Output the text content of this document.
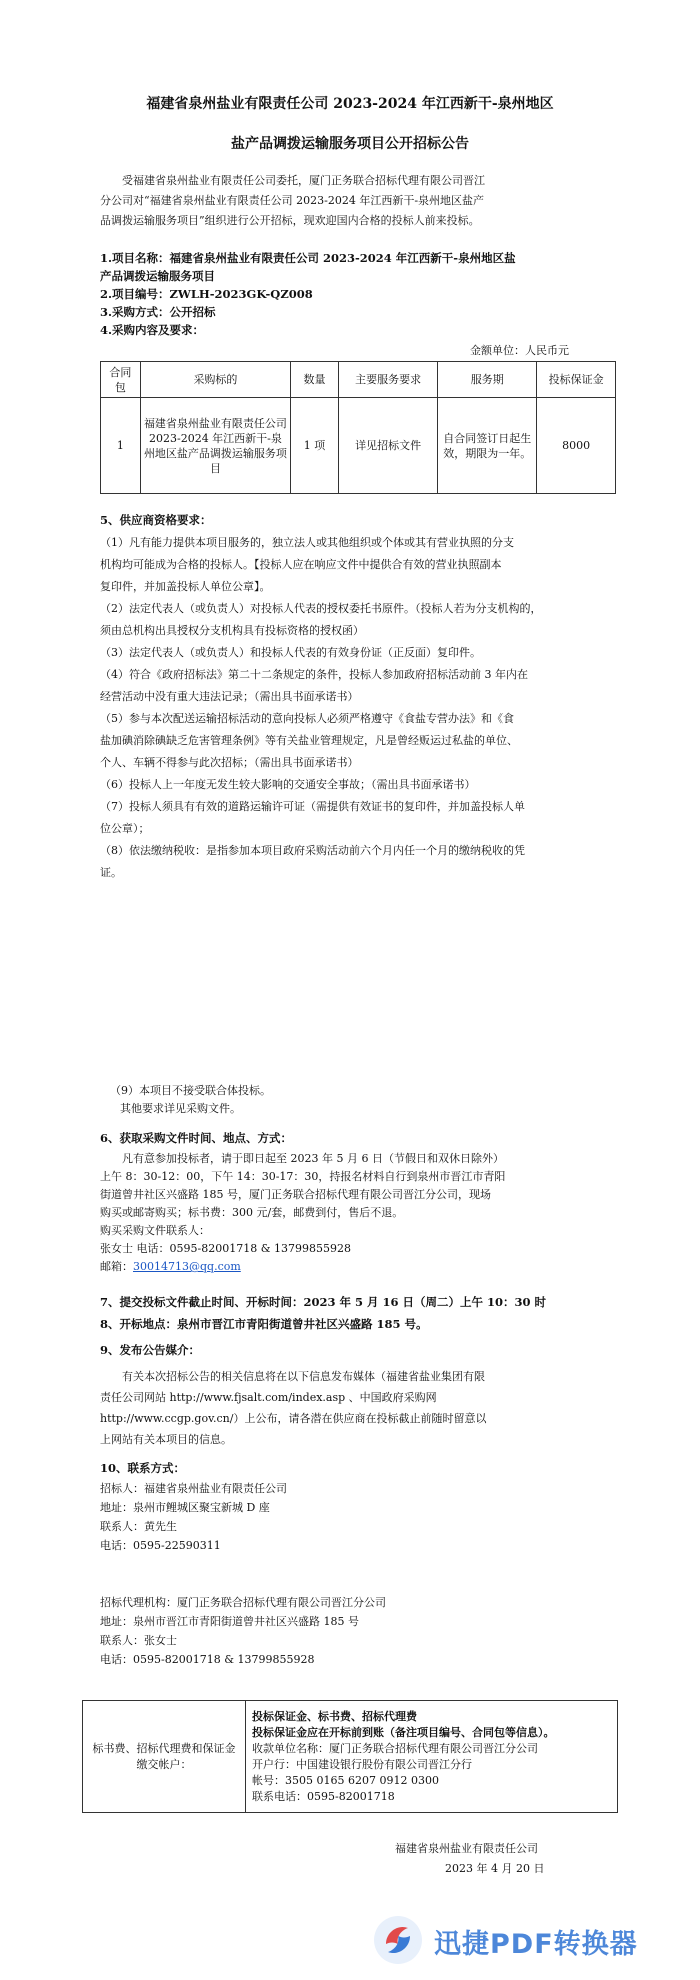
福建省泉州盐业有限责任公司 2023-2024 年江西新干-泉州地区
盐产品调拨运输服务项目公开招标公告
受福建省泉州盐业有限责任公司委托，厦门正务联合招标代理有限公司晋江
分公司对“福建省泉州盐业有限责任公司 2023-2024 年江西新干-泉州地区盐产
品调拨运输服务项目”组织进行公开招标，现欢迎国内合格的投标人前来投标。
1.项目名称：福建省泉州盐业有限责任公司 2023-2024 年江西新干-泉州地区盐
产品调拨运输服务项目
2.项目编号：ZWLH-2023GK-QZ008
3.采购方式：公开招标
4.采购内容及要求：
金额单位：人民币元
合同包	采购标的	数量	主要服务要求	服务期	投标保证金
1	福建省泉州盐业有限责任公司 2023-2024 年江西新干-泉州地区盐产品调拨运输服务项目	1 项	详见招标文件	自合同签订日起生效，期限为一年。	8000
5、供应商资格要求：
（1）凡有能力提供本项目服务的，独立法人或其他组织或个体或其有营业执照的分支
机构均可能成为合格的投标人。【投标人应在响应文件中提供合有效的营业执照副本
复印件，并加盖投标人单位公章】。
（2）法定代表人（或负责人）对投标人代表的授权委托书原件。（投标人若为分支机构的，
须由总机构出具授权分支机构具有投标资格的授权函）
（3）法定代表人（或负责人）和投标人代表的有效身份证（正反面）复印件。
（4）符合《政府招标法》第二十二条规定的条件，投标人参加政府招标活动前 3 年内在
经营活动中没有重大违法记录；（需出具书面承诺书）
（5）参与本次配送运输招标活动的意向投标人必须严格遵守《食盐专营办法》和《食
盐加碘消除碘缺乏危害管理条例》等有关盐业管理规定，凡是曾经贩运过私盐的单位、
个人、车辆不得参与此次招标；（需出具书面承诺书）
（6）投标人上一年度无发生较大影响的交通安全事故；（需出具书面承诺书）
（7）投标人须具有有效的道路运输许可证（需提供有效证书的复印件，并加盖投标人单
位公章）；
（8）依法缴纳税收：是指参加本项目政府采购活动前六个月内任一个月的缴纳税收的凭
证。
（9）本项目不接受联合体投标。
其他要求详见采购文件。
6、获取采购文件时间、地点、方式：
凡有意参加投标者，请于即日起至 2023 年 5 月 6 日（节假日和双休日除外）
上午 8：30-12：00，下午 14：30-17：30，持报名材料自行到泉州市晋江市青阳
街道曾井社区兴盛路 185 号，厦门正务联合招标代理有限公司晋江分公司，现场
购买或邮寄购买；标书费：300 元/套，邮费到付，售后不退。
购买采购文件联系人：
张女士 电话：0595-82001718 & 13799855928
邮箱：30014713@qq.com
7、提交投标文件截止时间、开标时间：2023 年 5 月 16 日（周二）上午 10：30 时
8、开标地点：泉州市晋江市青阳街道曾井社区兴盛路 185 号。
9、发布公告媒介：
有关本次招标公告的相关信息将在以下信息发布媒体（福建省盐业集团有限
责任公司网站 http://www.fjsalt.com/index.asp 、中国政府采购网
http://www.ccgp.gov.cn/）上公布，请各潜在供应商在投标截止前随时留意以
上网站有关本项目的信息。
10、联系方式：
招标人：福建省泉州盐业有限责任公司
地址：泉州市鲤城区聚宝新城 D 座
联系人：黄先生
电话：0595-22590311
招标代理机构：厦门正务联合招标代理有限公司晋江分公司
地址：泉州市晋江市青阳街道曾井社区兴盛路 185 号
联系人：张女士
电话：0595-82001718 & 13799855928
标书费、招标代理费和保证金缴交帐户：	
投标保证金、标书费、招标代理费
投标保证金应在开标前到账（备注项目编号、合同包等信息）。
收款单位名称：厦门正务联合招标代理有限公司晋江分公司
开户行：中国建设银行股份有限公司晋江分行
帐号：3505 0165 6207 0912 0300
联系电话：0595-82001718
福建省泉州盐业有限责任公司
2023 年 4 月 20 日
迅捷PDF转换器
